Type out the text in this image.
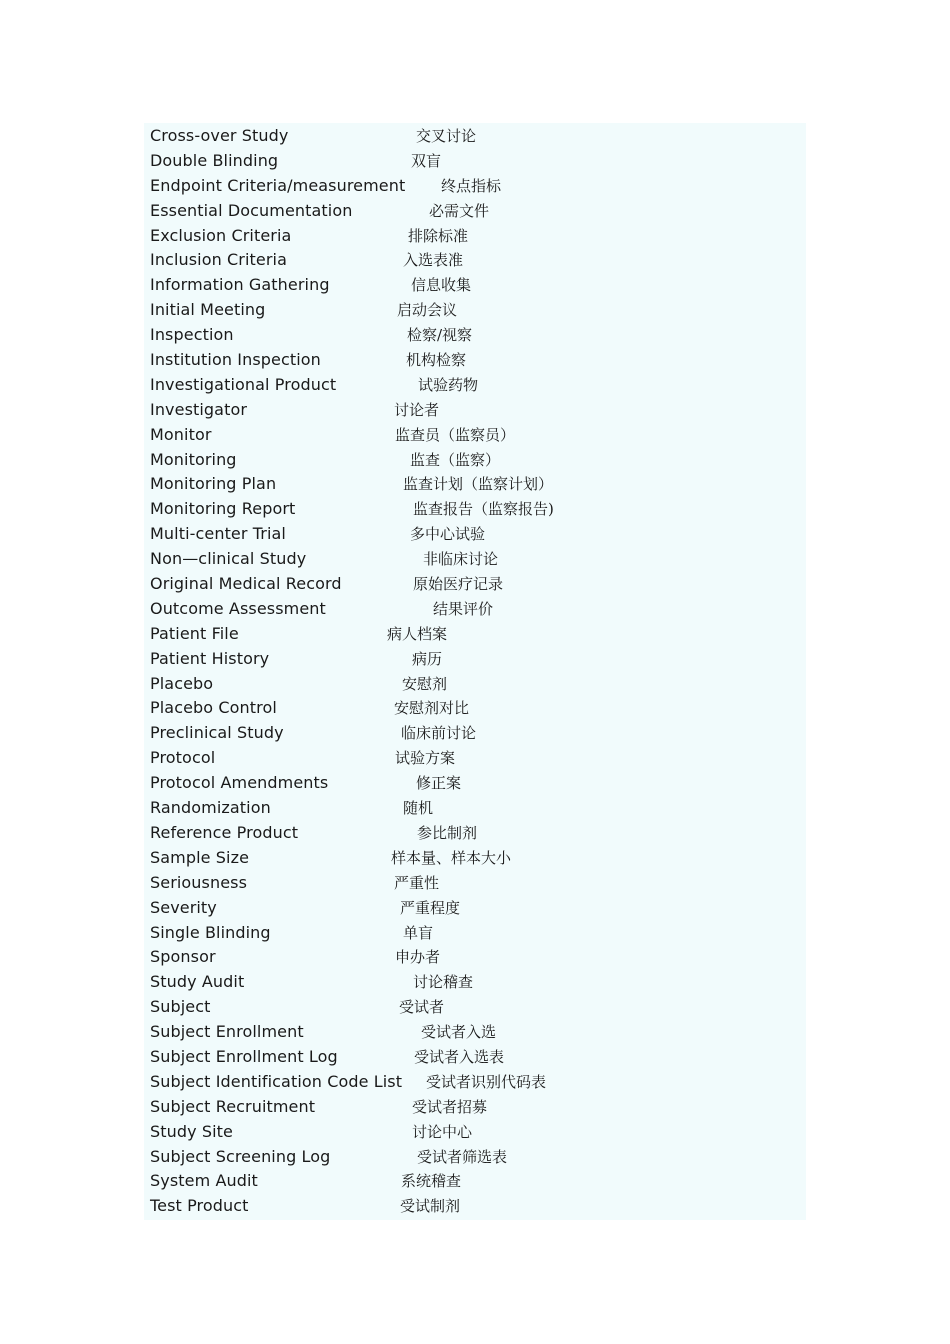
Cross-over Study	交叉讨论
Double Blinding	双盲
Endpoint Criteria/measurement 终点指标
Essential Documentation	必需文件
Exclusion Criteria	排除标准
Inclusion Criteria	入选表准
Information Gathering	信息收集
Initial Meeting	启动会议
Inspection	检察/视察
Institution Inspection	机构检察
Investigational Product	试验药物
Investigator	讨论者
Monitor	监查员（监察员）
Monitoring	监查（监察）
Monitoring Plan	监查计划（监察计划）
Monitoring Report	监查报告（监察报告)
Multi-center Trial	多中心试验
Non—clinical Study	非临床讨论
Original Medical Record	原始医疗记录
Outcome Assessment	结果评价
Patient File	病人档案
Patient History	病历
Placebo	安慰剂
Placebo Control	安慰剂对比
Preclinical Study	临床前讨论
Protocol	试验方案
Protocol Amendments	修正案
Randomization	随机
Reference Product	参比制剂
Sample Size	样本量、样本大小
Seriousness	严重性
Severity	严重程度
Single Blinding	单盲
Sponsor	申办者
Study Audit	讨论稽查
Subject	受试者
Subject Enrollment	受试者入选
Subject Enrollment Log	受试者入选表
Subject Identification Code List 受试者识别代码表
Subject Recruitment	受试者招募
Study Site	讨论中心
Subject Screening Log	受试者筛选表
System Audit	系统稽查
Test Product	受试制剂
